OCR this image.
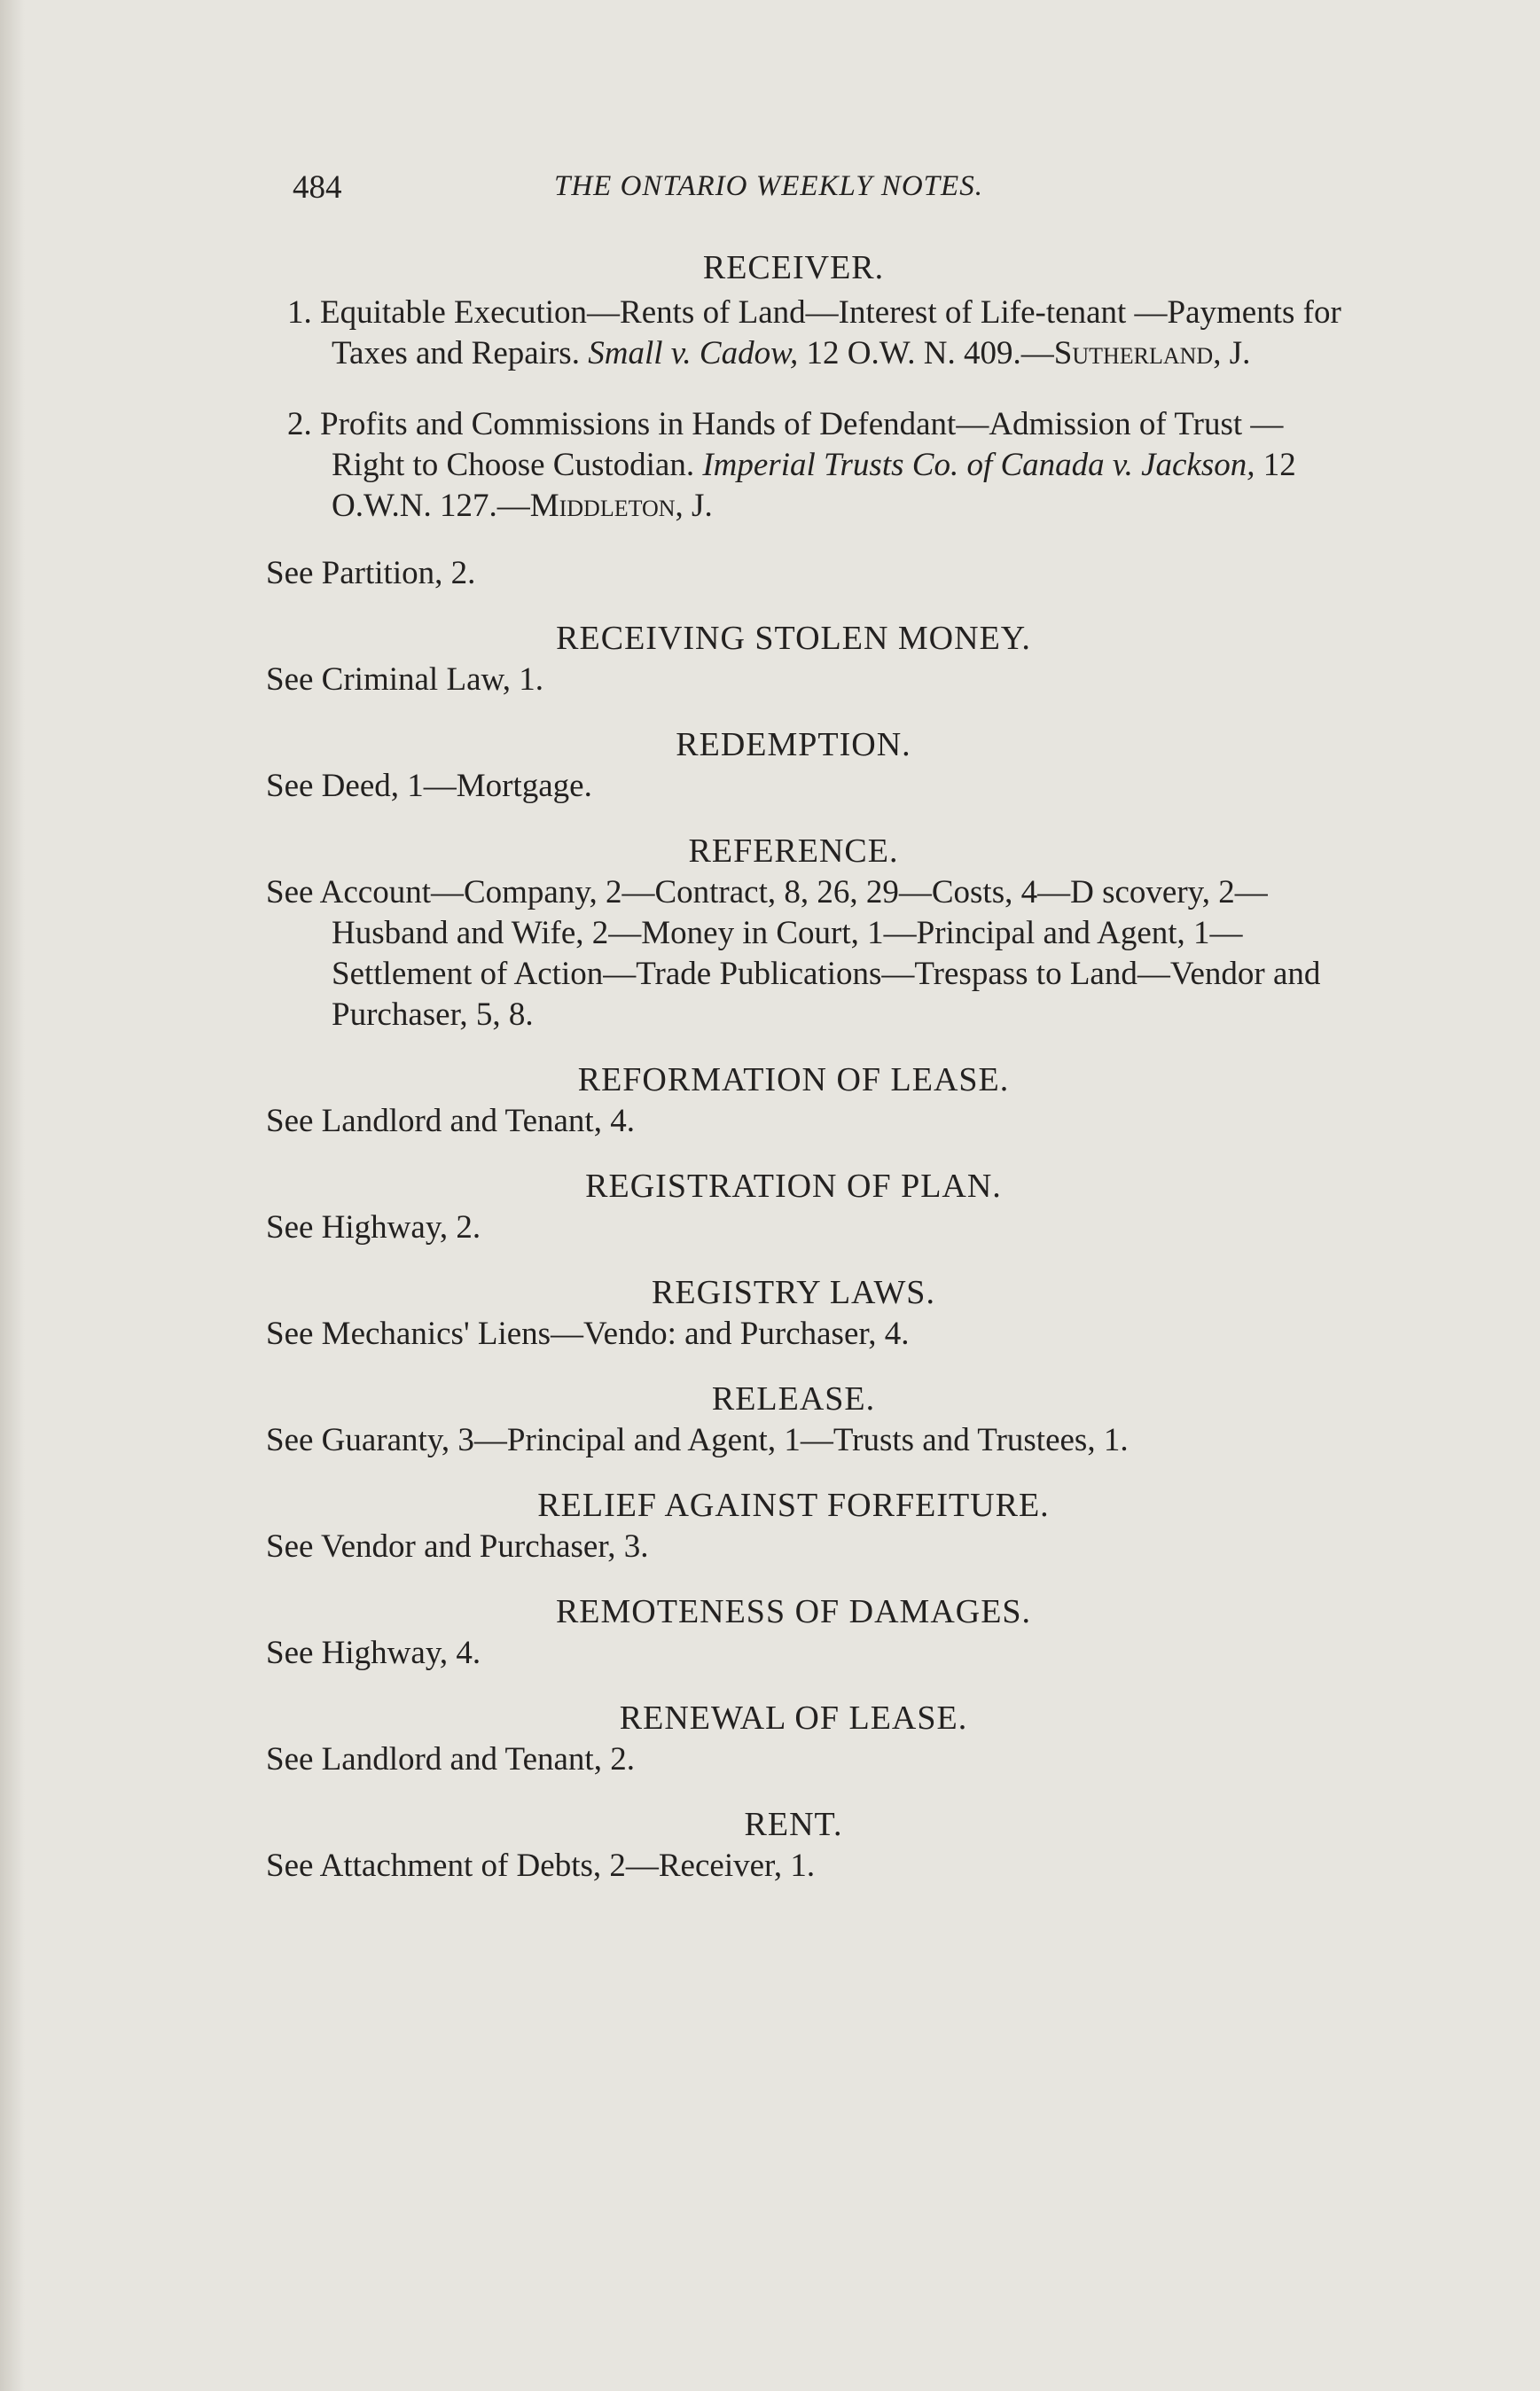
484	THE ONTARIO WEEKLY NOTES.
RECEIVER.
1. Equitable Execution—Rents of Land—Interest of Life-tenant —Payments for Taxes and Repairs. Small v. Cadow, 12 O.W. N. 409.—Sutherland, J.
2. Profits and Commissions in Hands of Defendant—Admission of Trust — Right to Choose Custodian. Imperial Trusts Co. of Canada v. Jackson, 12 O.W.N. 127.—Middleton, J.
See Partition, 2.
RECEIVING STOLEN MONEY.
See Criminal Law, 1.
REDEMPTION.
See Deed, 1—Mortgage.
REFERENCE.
See Account—Company, 2—Contract, 8, 26, 29—Costs, 4—D scovery, 2—Husband and Wife, 2—Money in Court, 1—Principal and Agent, 1—Settlement of Action—Trade Publications—Trespass to Land—Vendor and Purchaser, 5, 8.
REFORMATION OF LEASE.
See Landlord and Tenant, 4.
REGISTRATION OF PLAN.
See Highway, 2.
REGISTRY LAWS.
See Mechanics' Liens—Vendo: and Purchaser, 4.
RELEASE.
See Guaranty, 3—Principal and Agent, 1—Trusts and Trustees, 1.
RELIEF AGAINST FORFEITURE.
See Vendor and Purchaser, 3.
REMOTENESS OF DAMAGES.
See Highway, 4.
RENEWAL OF LEASE.
See Landlord and Tenant, 2.
RENT.
See Attachment of Debts, 2—Receiver, 1.
